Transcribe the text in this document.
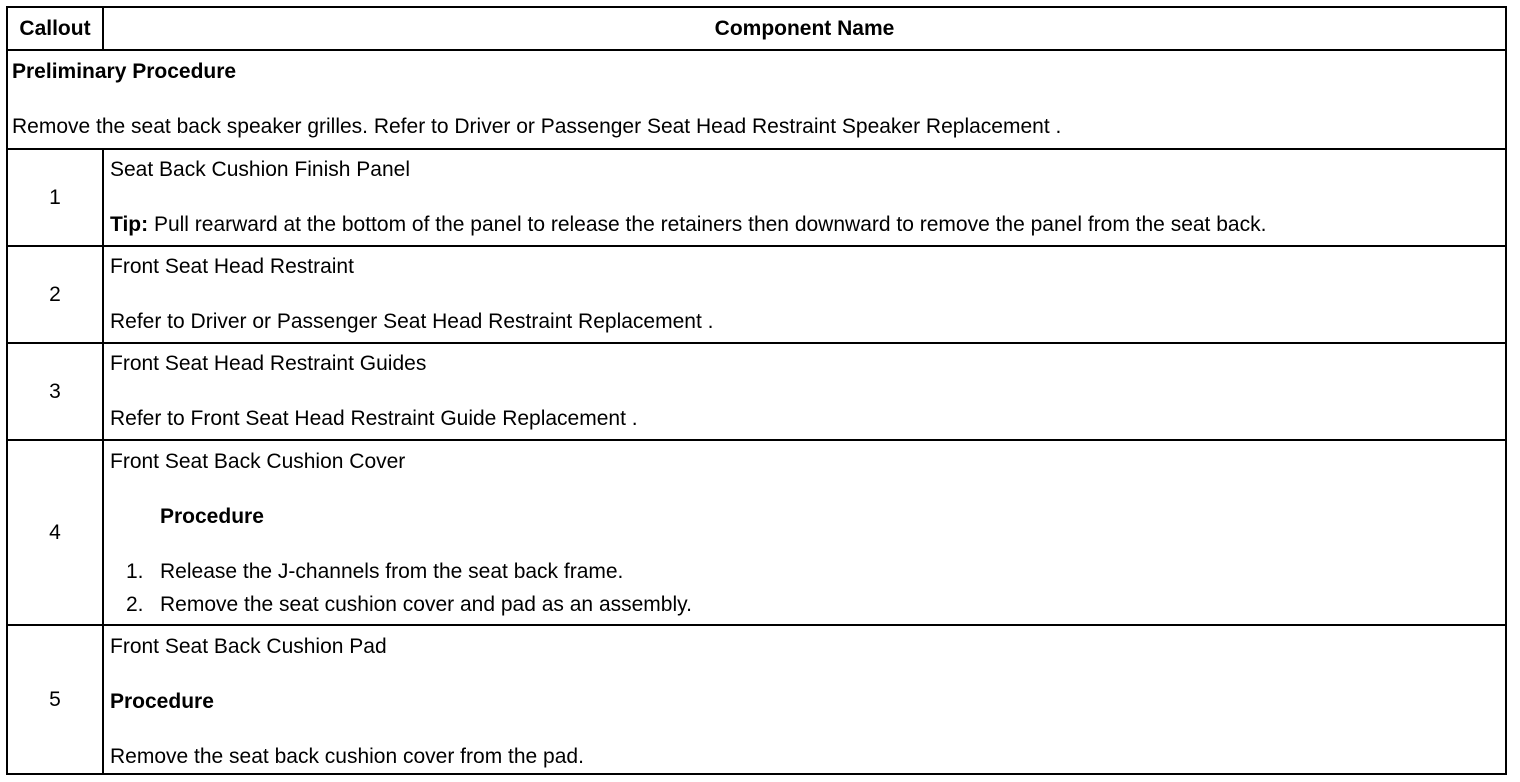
Callout	Component Name
Preliminary Procedure
Remove the seat back speaker grilles. Refer to Driver or Passenger Seat Head Restraint Speaker Replacement .
1
Seat Back Cushion Finish Panel
Tip: Pull rearward at the bottom of the panel to release the retainers then downward to remove the panel from the seat back.
2
Front Seat Head Restraint
Refer to Driver or Passenger Seat Head Restraint Replacement .
3
Front Seat Head Restraint Guides
Refer to Front Seat Head Restraint Guide Replacement .
4
Front Seat Back Cushion Cover
Procedure
1. Release the J-channels from the seat back frame.
2. Remove the seat cushion cover and pad as an assembly.
5
Front Seat Back Cushion Pad
Procedure
Remove the seat back cushion cover from the pad.
